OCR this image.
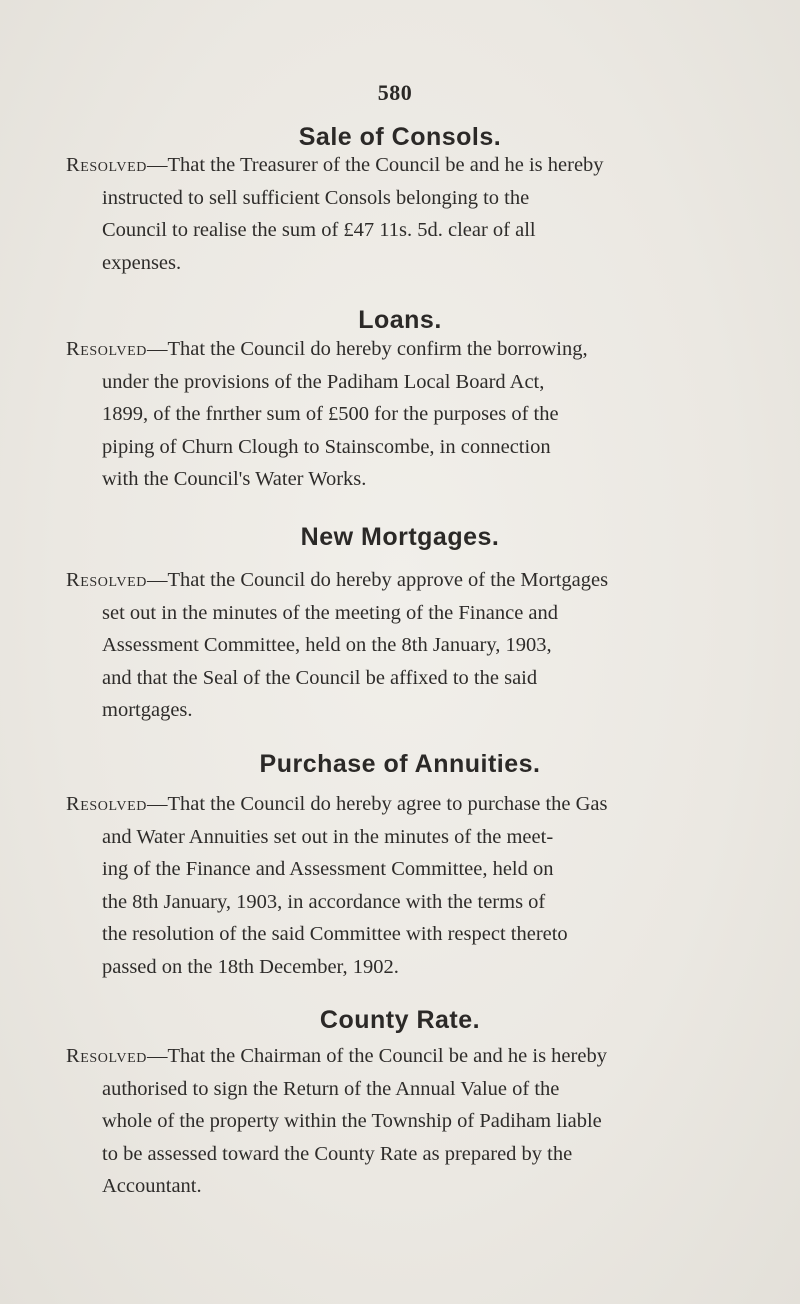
580
Sale of Consols.
Resolved—That the Treasurer of the Council be and he is hereby
instructed to sell sufficient Consols belonging to the
Council to realise the sum of £47 11s. 5d. clear of all
expenses.
Loans.
Resolved—That the Council do hereby confirm the borrowing,
under the provisions of the Padiham Local Board Act,
1899, of the fnrther sum of £500 for the purposes of the
piping of Churn Clough to Stainscombe, in connection
with the Council's Water Works.
New Mortgages.
Resolved—That the Council do hereby approve of the Mortgages
set out in the minutes of the meeting of the Finance and
Assessment Committee, held on the 8th January, 1903,
and that the Seal of the Council be affixed to the said
mortgages.
Purchase of Annuities.
Resolved—That the Council do hereby agree to purchase the Gas
and Water Annuities set out in the minutes of the meet-
ing of the Finance and Assessment Committee, held on
the 8th January, 1903, in accordance with the terms of
the resolution of the said Committee with respect thereto
passed on the 18th December, 1902.
County Rate.
Resolved—That the Chairman of the Council be and he is hereby
authorised to sign the Return of the Annual Value of the
whole of the property within the Township of Padiham liable
to be assessed toward the County Rate as prepared by the
Accountant.
